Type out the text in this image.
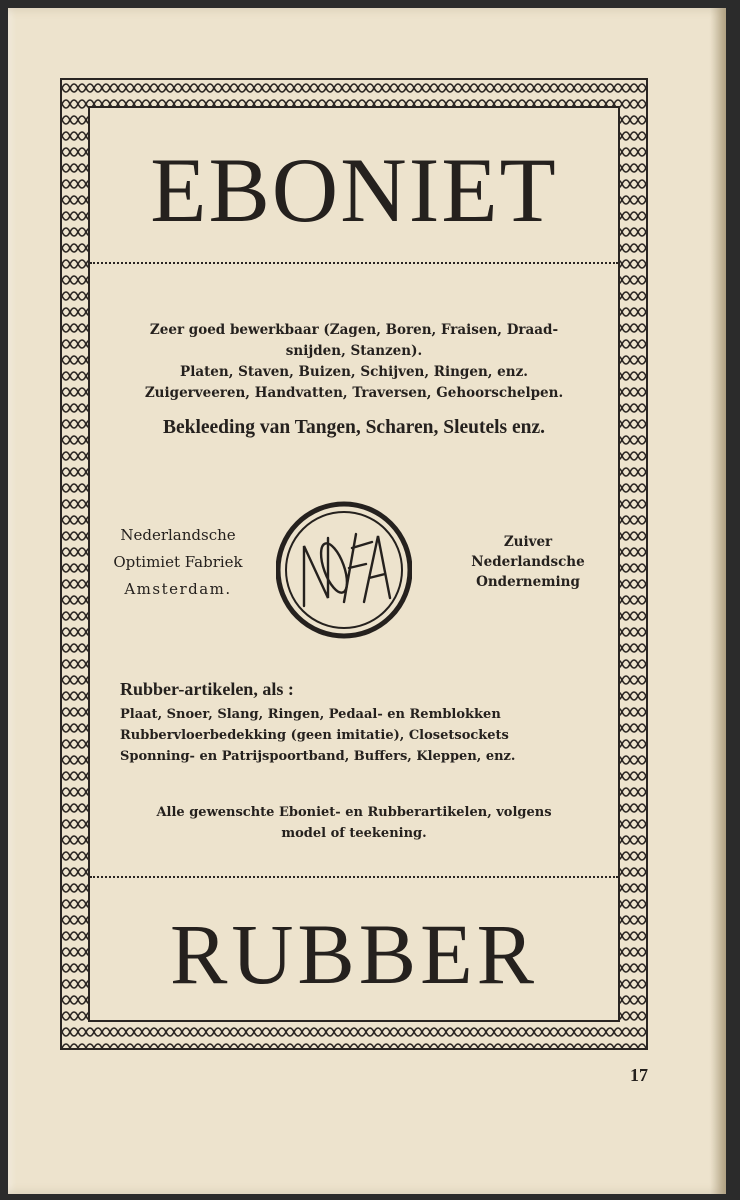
EBONIET
Zeer goed bewerkbaar (Zagen, Boren, Fraisen, Draad-
snijden, Stanzen).
Platen, Staven, Buizen, Schijven, Ringen, enz.
Zuigerveeren, Handvatten, Traversen, Gehoorschelpen.
Bekleeding van Tangen, Scharen, Sleutels enz.
Nederlandsche
Optimiet Fabriek
Amsterdam.
Zuiver
Nederlandsche
Onderneming
Rubber-artikelen, als :
Plaat, Snoer, Slang, Ringen, Pedaal- en Remblokken
Rubbervloerbedekking (geen imitatie), Closetsockets
Sponning- en Patrijspoortband, Buffers, Kleppen, enz.
Alle gewenschte Eboniet- en Rubberartikelen, volgens
model of teekening.
RUBBER
17
